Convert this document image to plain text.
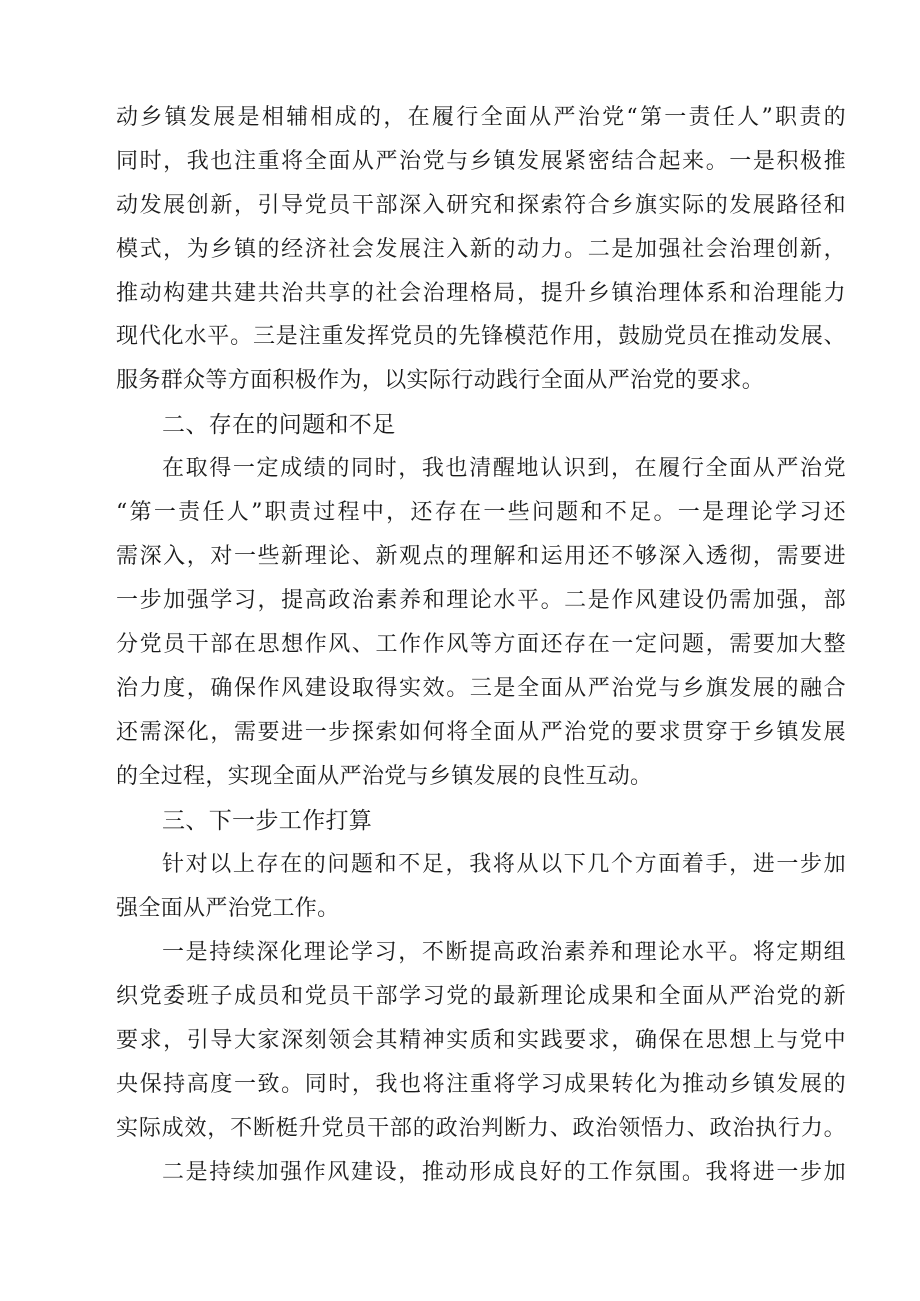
动乡镇发展是相辅相成的，在履行全面从严治党“第一责任人”职责的
同时，我也注重将全面从严治党与乡镇发展紧密结合起来。一是积极推
动发展创新，引导党员干部深入研究和探索符合乡旗实际的发展路径和
模式，为乡镇的经济社会发展注入新的动力。二是加强社会治理创新，
推动构建共建共治共享的社会治理格局，提升乡镇治理体系和治理能力
现代化水平。三是注重发挥党员的先锋模范作用，鼓励党员在推动发展、
服务群众等方面积极作为，以实际行动践行全面从严治党的要求。
二、存在的问题和不足
在取得一定成绩的同时，我也清醒地认识到，在履行全面从严治党
“第一责任人”职责过程中，还存在一些问题和不足。一是理论学习还
需深入，对一些新理论、新观点的理解和运用还不够深入透彻，需要进
一步加强学习，提高政治素养和理论水平。二是作风建设仍需加强，部
分党员干部在思想作风、工作作风等方面还存在一定问题，需要加大整
治力度，确保作风建设取得实效。三是全面从严治党与乡旗发展的融合
还需深化，需要进一步探索如何将全面从严治党的要求贯穿于乡镇发展
的全过程，实现全面从严治党与乡镇发展的良性互动。
三、下一步工作打算
针对以上存在的问题和不足，我将从以下几个方面着手，进一步加
强全面从严治党工作。
一是持续深化理论学习，不断提高政治素养和理论水平。将定期组
织党委班子成员和党员干部学习党的最新理论成果和全面从严治党的新
要求，引导大家深刻领会其精神实质和实践要求，确保在思想上与党中
央保持高度一致。同时，我也将注重将学习成果转化为推动乡镇发展的
实际成效，不断梃升党员干部的政治判断力、政治领悟力、政治执行力。
二是持续加强作风建设，推动形成良好的工作氛围。我将进一步加
